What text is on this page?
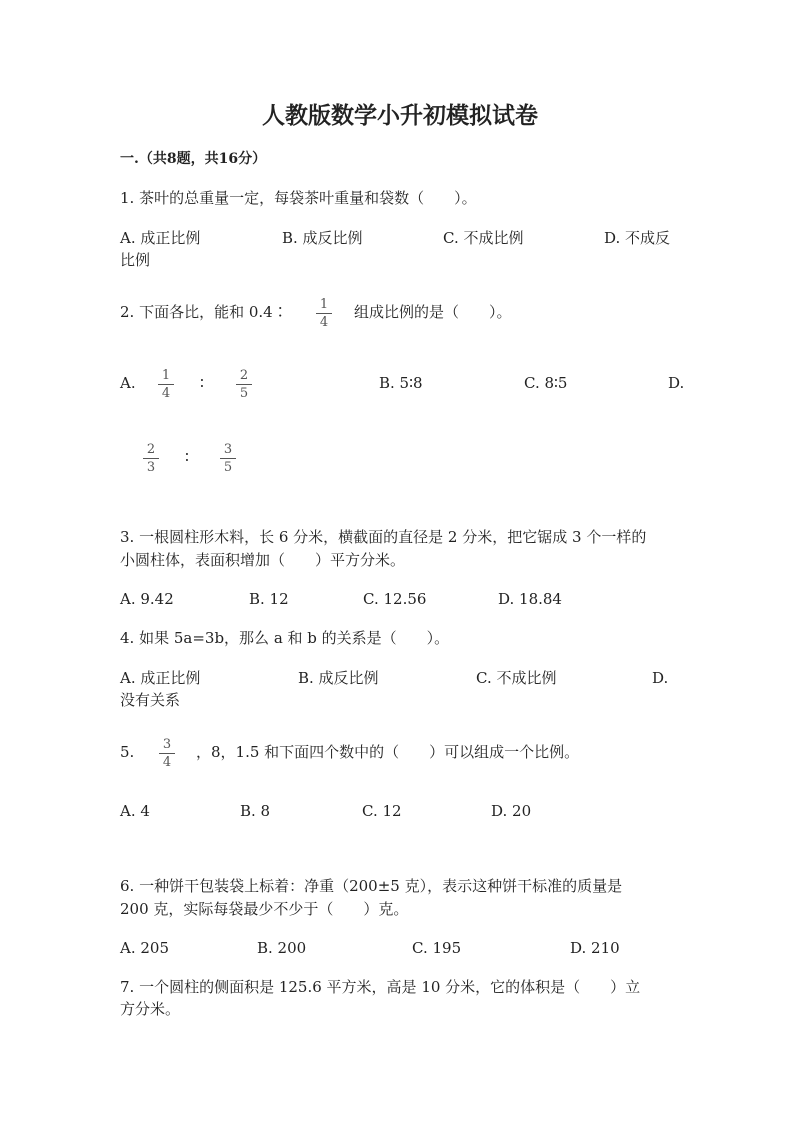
人教版数学小升初模拟试卷
一.（共8题，共16分）
1. 茶叶的总重量一定，每袋茶叶重量和袋数（　　）。
A. 成正比例	B. 成反比例	C. 不成比例	D. 不成反
比例
2. 下面各比，能和 0.4∶ 1
4
组成比例的是（　　）。
A. 1
4
∶	2
5
B. 5∶8	C. 8∶5	D.
2
3
∶	3
5
3. 一根圆柱形木料，长 6 分米，横截面的直径是 2 分米，把它锯成 3 个一样的
小圆柱体，表面积增加（　　）平方分米。
A. 9.42	B. 12	C. 12.56	D. 18.84
4. 如果 5a=3b，那么 a 和 b 的关系是（　　）。
A. 成正比例	B. 成反比例	C. 不成比例	D.
没有关系
5. 3
4
，8，1.5 和下面四个数中的（　　）可以组成一个比例。
A. 4	B. 8	C. 12	D. 20
6. 一种饼干包装袋上标着：净重（200±5 克），表示这种饼干标准的质量是
200 克，实际每袋最少不少于（　　）克。
A. 205	B. 200	C. 195	D. 210
7. 一个圆柱的侧面积是 125.6 平方米，高是 10 分米，它的体积是（　　）立
方分米。
